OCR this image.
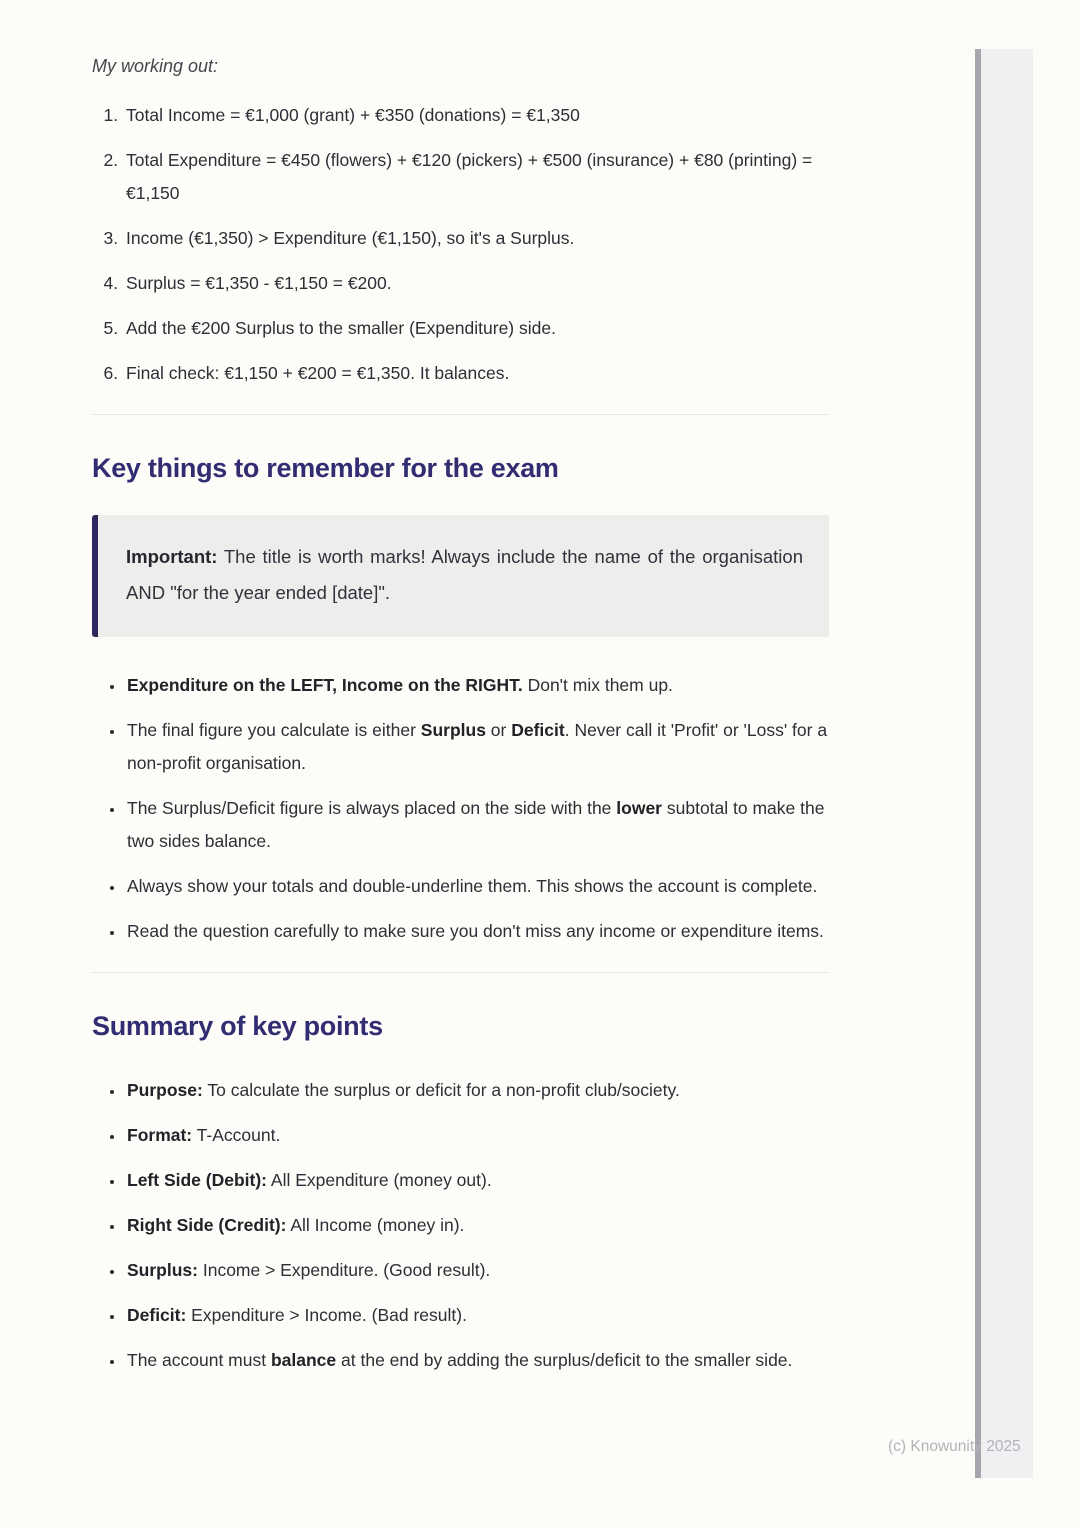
My working out:

1. Total Income = €1,000 (grant) + €350 (donations) = €1,350
2. Total Expenditure = €450 (flowers) + €120 (pickers) + €500 (insurance) + €80 (printing) = €1,150
3. Income (€1,350) > Expenditure (€1,150), so it's a Surplus.
4. Surplus = €1,350 - €1,150 = €200.
5. Add the €200 Surplus to the smaller (Expenditure) side.
6. Final check: €1,150 + €200 = €1,350. It balances.
Key things to remember for the exam
Important: The title is worth marks! Always include the name of the organisation AND "for the year ended [date]".
• Expenditure on the LEFT, Income on the RIGHT. Don't mix them up.
• The final figure you calculate is either Surplus or Deficit. Never call it 'Profit' or 'Loss' for a non-profit organisation.
• The Surplus/Deficit figure is always placed on the side with the lower subtotal to make the two sides balance.
• Always show your totals and double-underline them. This shows the account is complete.
• Read the question carefully to make sure you don't miss any income or expenditure items.
Summary of key points
• Purpose: To calculate the surplus or deficit for a non-profit club/society.
• Format: T-Account.
• Left Side (Debit): All Expenditure (money out).
• Right Side (Credit): All Income (money in).
• Surplus: Income > Expenditure. (Good result).
• Deficit: Expenditure > Income. (Bad result).
• The account must balance at the end by adding the surplus/deficit to the smaller side.
(c) Knowunity 2025
